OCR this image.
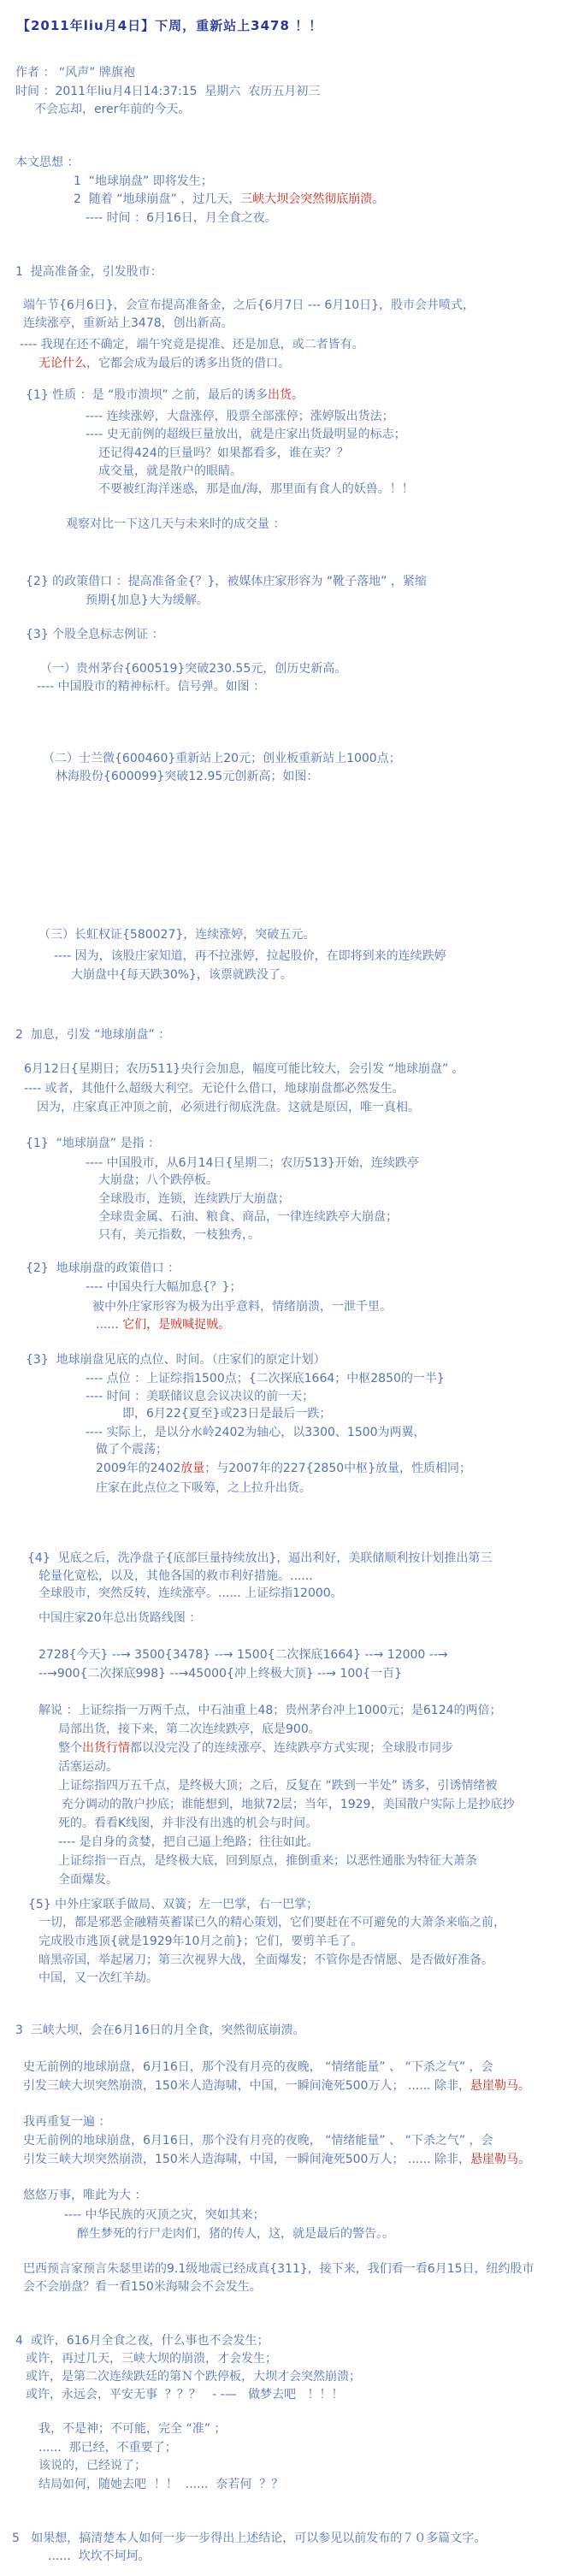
【2011年liu月4日】下周，重新站上3478 ！！
作者 ： “风声” 牌旗袍
时间 ：2011年liu月4日14:37:15  星期六  农历五月初三
不会忘却，erer年前的今天。
本文思想 ：
1  “地球崩盘” 即将发生；
2  随着 “地球崩盘” ，过几天，三峡大坝会突然彻底崩溃。
---- 时间 ：6月16日，月全食之夜。
1  提高准备金，引发股市：
端午节{6月6日}，会宣布提高准备金，之后{6月7日 --- 6月10日}，股市会井喷式，
连续涨亭，重新站上3478，创出新高。
---- 我现在还不确定，端午究竟是提准、还是加息，或二者皆有。
无论什么，它都会成为最后的诱多出货的借口。
{1} 性质 ：是 “股市溃坝” 之前，最后的诱多出货。
---- 连续涨婷，大盘涨停，股票全部涨停；涨婷版出货法；
---- 史无前例的超级巨量放出，就是庄家出货最明显的标志；
还记得424的巨量吗？如果都看多，谁在卖？？
成交量，就是散户的眼睛。
不要被红海洋迷惑，那是血/海，那里面有食人的妖兽。！！
观察对比一下这几天与未来时的成交量 ：
{2} 的政策借口 ：提高准备金{？}，被媒体庄家形容为 “靴子落地” ，紧缩
预期{加息}大为缓解。
{3} 个股全息标志例证 ：
（一）贵州茅台{600519}突破230.55元，创历史新高。
---- 中国股市的精神标杆。信号弹。如图 ：
（二）士兰微{600460}重新站上20元；创业板重新站上1000点；
林海股份{600099}突破12.95元创新高；如图：
（三）长虹权证{580027}，连续涨婷，突破五元。
---- 因为，该股庄家知道，再不拉涨婷，拉起股价，在即将到来的连续跌婷
大崩盘中{每天跌30%}，该票就跌没了。
2  加息，引发 “地球崩盘” ：
6月12日{星期日；农历511}央行会加息，幅度可能比较大，会引发 “地球崩盘” 。
---- 或者，其他什么超级大利空。无论什么借口，地球崩盘都必然发生。
因为，庄家真正冲顶之前，必须进行彻底洗盘。这就是原因，唯一真相。
{1}  “地球崩盘” 是指 ：
---- 中国股市，从6月14日{星期二；农历513}开始，连续跌亭
大崩盘；八个跌停板。
全球股市，连锁，连续跌厅大崩盘；
全球贵金属、石油、粮食、商品，一律连续跌亭大崩盘；
只有，美元指数，一枝独秀，。
{2}  地球崩盘的政策借口 ：
---- 中国央行大幅加息{？}；
被中外庄家形容为极为出乎意料，情绪崩溃，一泄千里。
...... 它们，是贼喊捉贼。
{3}  地球崩盘见底的点位、时间。（庄家们的原定计划）
---- 点位 ：上证综指1500点；{二次探底1664；中枢2850的一半}
---- 时间 ：美联储议息会议决议的前一天；
即，6月22{夏至}或23日是最后一跌；
---- 实际上，是以分水岭2402为轴心，以3300、1500为两翼，
做了个震荡；
2009年的2402放量；与2007年的227{2850中枢}放量，性质相同；
庄家在此点位之下吸筹，之上拉升出货。
{4}  见底之后，洗净盘子{底部巨量持续放出}，逼出利好，美联储顺利按计划推出第三
轮量化宽松，以及，其他各国的救市利好措施。......
全球股市，突然反转，连续涨亭。...... 上证综指12000。
中国庄家20年总出货路线图 ：
2728{今天} --→ 3500{3478} --→ 1500{二次探底1664} --→ 12000 --→
--→900{二次探底998} --→45000{冲上终极大顶} --→ 100{一百}
解说 ：上证综指一万两千点，中石油重上48；贵州茅台冲上1000元；是6124的两倍；
局部出货，接下来，第二次连续跌亭，底是900。
整个出货行情都以没完没了的连续涨亭、连续跌亭方式实现；全球股市同步
活塞运动。
上证综指四万五千点，是终极大顶；之后，反复在 “跌到一半处” 诱多，引诱情绪被
充分调动的散户抄底；谁能想到，地狱72层；当年，1929，美国散户实际上是抄底抄
死的。看看K线图，并非没有出逃的机会与时间。
---- 是自身的贪婪，把自己逼上绝路；往往如此。
上证综指一百点，是终极大底，回到原点，推倒重来；以恶性通胀为特征大萧条
全面爆发。
{5} 中外庄家联手做局、双簧；左一巴掌，右一巴掌；
一切，都是邪恶金融精英蓄谋已久的精心策划，它们要赶在不可避免的大萧条来临之前，
完成股市逃顶{就是1929年10月之前}；它们，要剪羊毛了。
暗黑帝国，举起屠刀；第三次视界大战，全面爆发；不管你是否情愿、是否做好准备。
中国，又一次红羊劫。
3  三峡大坝，会在6月16日的月全食，突然彻底崩溃。
史无前例的地球崩盘，6月16日，那个没有月亮的夜晚， “情绪能量” 、 “下杀之气” ，会
引发三峡大坝突然崩溃，150米人造海啸，中国，一瞬间淹死500万人； ...... 除非，悬崖勒马。
我再重复一遍 ：
史无前例的地球崩盘，6月16日，那个没有月亮的夜晚， “情绪能量” 、 “下杀之气” ，会
引发三峡大坝突然崩溃，150米人造海啸，中国，一瞬间淹死500万人； ...... 除非，悬崖勒马。
悠悠万事，唯此为大 ：
---- 中华民族的灭顶之灾，突如其来；
醉生梦死的行尸走肉们，猪的传人，这，就是最后的警告。。
巴西预言家预言朱瑟里诺的9.1级地震已经成真{311}，接下来，我们看一看6月15日，纽约股市
会不会崩盘？看一看150米海啸会不会发生。
4  或许，616月全食之夜，什么事也不会发生；
或许，再过几天，三峡大坝的崩溃，才会发生；
或许，是第二次连续跌廷的第Ｎ个跌停板，大坝才会突然崩溃；
或许，永远会，平安无事  ？？？   - -—   做梦去吧   ！！！
我，不是神；不可能，完全 “准” ；
......  那已经，不重要了；
该说的，已经说了；
结局如何，随她去吧  ！！  ......  奈若何  ？？
5   如果想，搞清楚本人如何一步一步得出上述结论，可以参见以前发布的７０多篇文字。
......  坎坎不坷坷。
